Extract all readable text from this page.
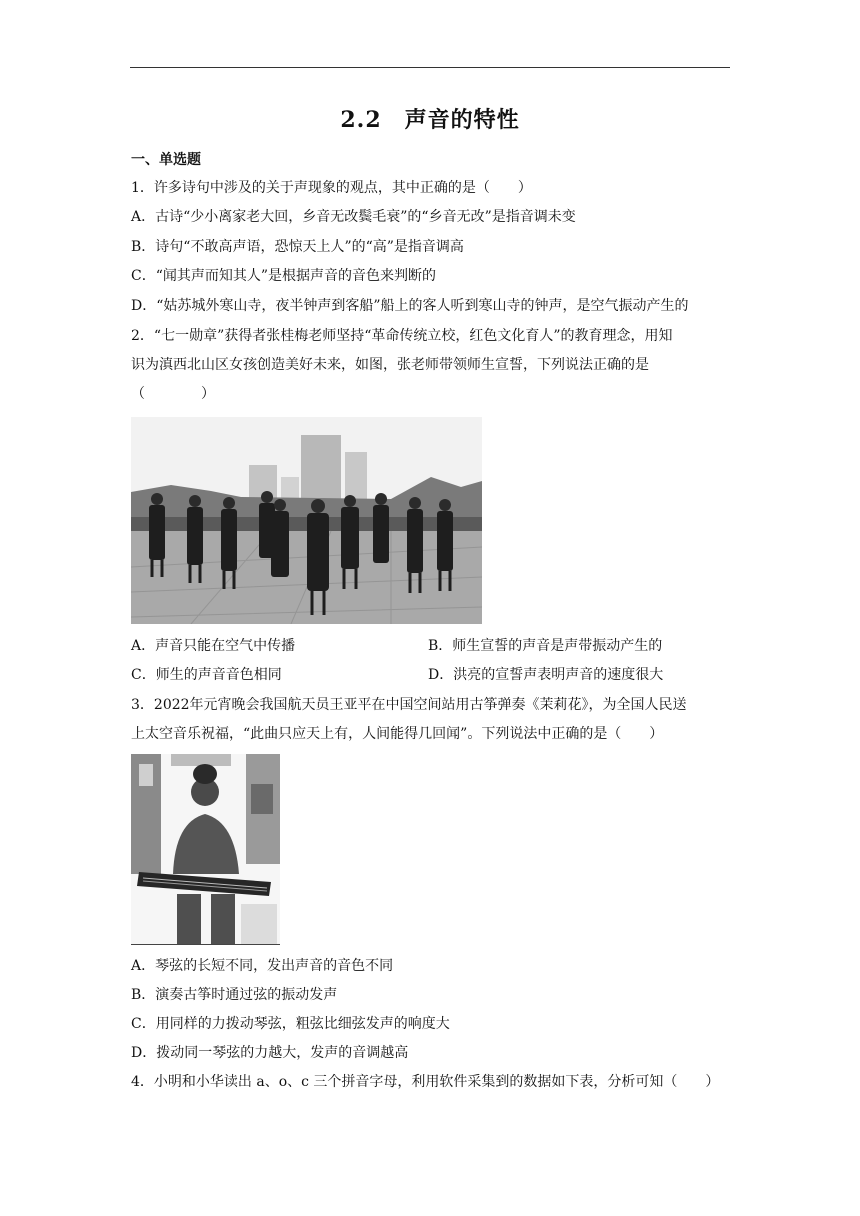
2.2　声音的特性
一、单选题
1．许多诗句中涉及的关于声现象的观点，其中正确的是（　　）
A．古诗“少小离家老大回，乡音无改鬓毛衰”的“乡音无改”是指音调未变
B．诗句“不敢高声语，恐惊天上人”的“高”是指音调高
C．“闻其声而知其人”是根据声音的音色来判断的
D．“姑苏城外寒山寺，夜半钟声到客船”船上的客人听到寒山寺的钟声，是空气振动产生的
2．“七一勋章”获得者张桂梅老师坚持“革命传统立校，红色文化育人”的教育理念，用知
识为滇西北山区女孩创造美好未来，如图，张老师带领师生宣誓，下列说法正确的是
（　　　　）
A．声音只能在空气中传播	B．师生宣誓的声音是声带振动产生的
C．师生的声音音色相同	D．洪亮的宣誓声表明声音的速度很大
3．2022年元宵晚会我国航天员王亚平在中国空间站用古筝弹奏《茉莉花》，为全国人民送
上太空音乐祝福，“此曲只应天上有，人间能得几回闻”。下列说法中正确的是（　　）
A．琴弦的长短不同，发出声音的音色不同
B．演奏古筝时通过弦的振动发声
C．用同样的力拨动琴弦，粗弦比细弦发声的响度大
D．拨动同一琴弦的力越大，发声的音调越高
4．小明和小华读出 a、o、c 三个拼音字母，利用软件采集到的数据如下表，分析可知（　　）
